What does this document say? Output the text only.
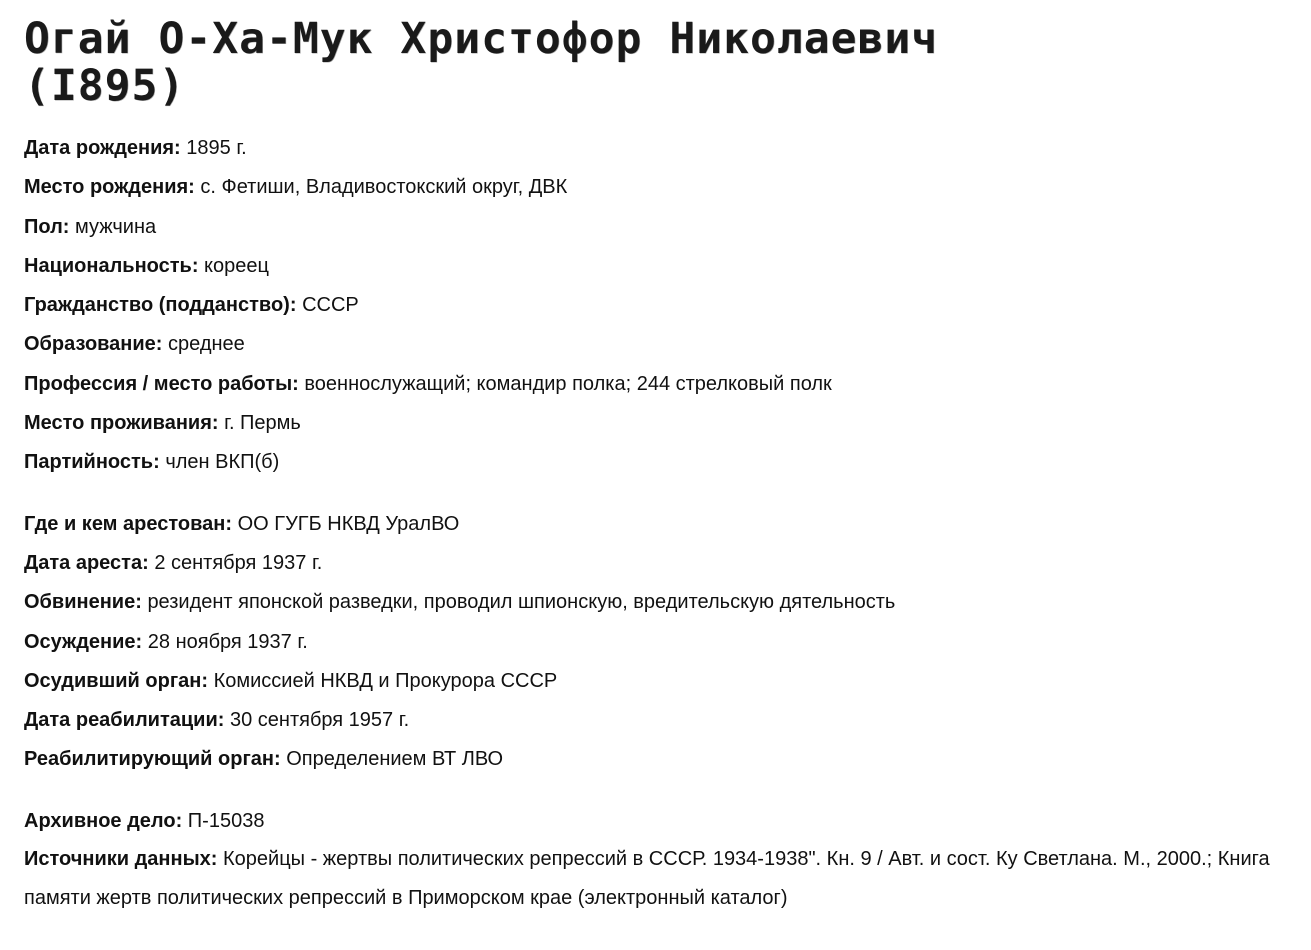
Огай О-Ха-Мук Христофор Николаевич
(I895)
Дата рождения: 1895 г.
Место рождения: с. Фетиши, Владивостокский округ, ДВК
Пол: мужчина
Национальность: кореец
Гражданство (подданство): СССР
Образование: среднее
Профессия / место работы: военнослужащий; командир полка; 244 стрелковый полк
Место проживания: г. Пермь
Партийность: член ВКП(б)
Где и кем арестован: ОО ГУГБ НКВД УралВО
Дата ареста: 2 сентября 1937 г.
Обвинение: резидент японской разведки, проводил шпионскую, вредительскую дятельность
Осуждение: 28 ноября 1937 г.
Осудивший орган: Комиссией НКВД и Прокурора СССР
Дата реабилитации: 30 сентября 1957 г.
Реабилитирующий орган: Определением ВТ ЛВО
Архивное дело: П-15038
Источники данных: Корейцы - жертвы политических репрессий в СССР. 1934-1938". Кн. 9 / Авт. и сост. Ку Светлана. М., 2000.; Книга памяти жертв политических репрессий в Приморском крае (электронный каталог)
